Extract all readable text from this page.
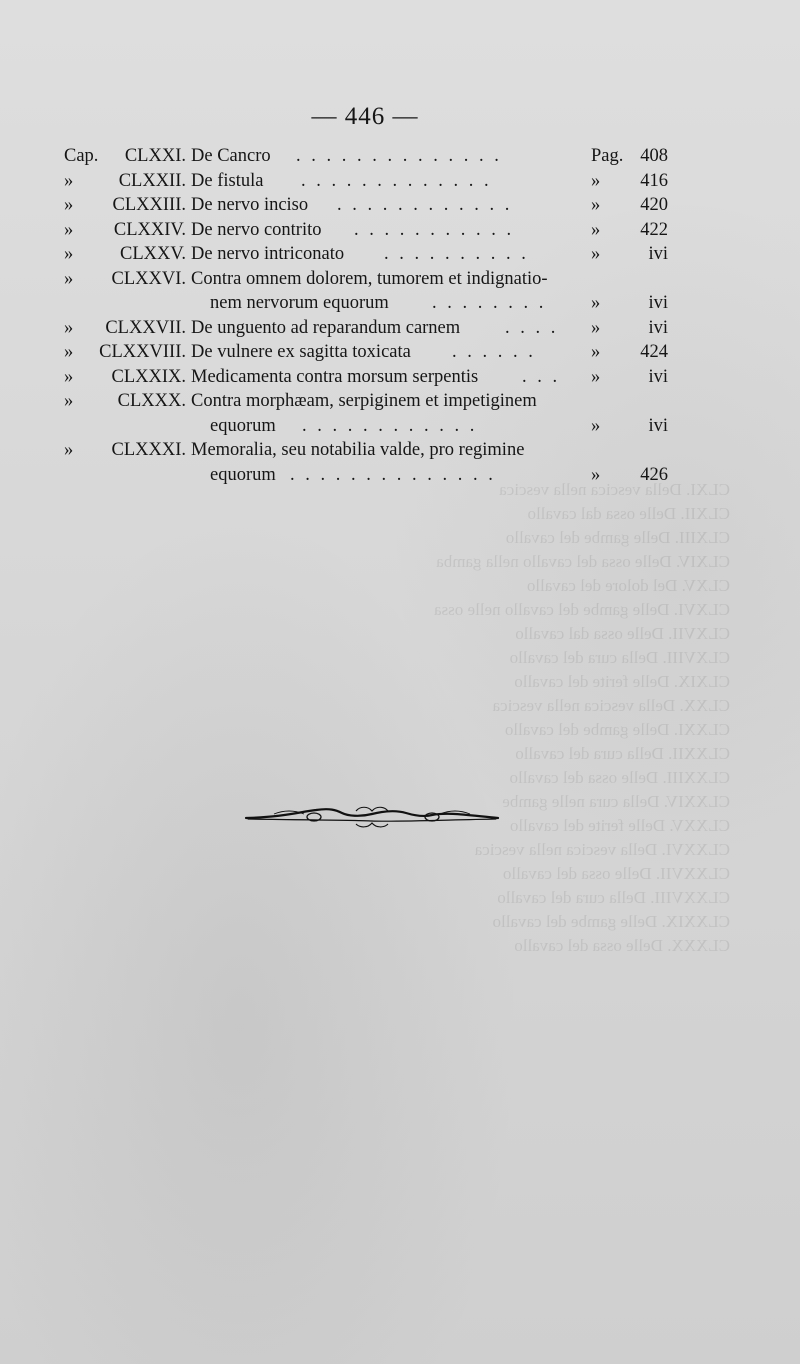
CLXI. Della vescica nella vescica
CLXII. Delle ossa dal cavallo
CLXIII. Delle gambe del cavallo
CLXIV. Delle ossa del cavallo nella gamba
CLXV. Del dolore del cavallo
CLXVI. Delle gambe del cavallo nelle ossa
CLXVII. Delle ossa dal cavallo
CLXVIII. Della cura del cavallo
CLXIX. Delle ferite del cavallo
CLXX. Della vescica nella vescica
CLXXI. Delle gambe del cavallo
CLXXII. Della cura del cavallo
CLXXIII. Delle ossa del cavallo
CLXXIV. Della cura nelle gambe
CLXXV. Delle ferite del cavallo
CLXXVI. Della vescica nella vescica
CLXXVII. Delle ossa del cavallo
CLXXVIII. Della cura del cavallo
CLXXIX. Delle gambe del cavallo
CLXXX. Delle ossa del cavallo
— 446 —
Cap.	CLXXI. De Cancro . . . . . . . . . . . . . .	Pag. 408
»	CLXXII. De fistula . . . . . . . . . . . . .	»	416
»	CLXXIII. De nervo inciso . . . . . . . . . . . .	»	420
»	CLXXIV. De nervo contrito . . . . . . . . . . .	»	422
»	CLXXV. De nervo intriconato . . . . . . . . . .	»	ivi
»	CLXXVI. Contra omnem dolorem, tumorem et indignatio-
nem nervorum equorum . . . . . . . . »	ivi
»	CLXXVII. De unguento ad reparandum carnem . . . . »	ivi
»	CLXXVIII. De vulnere ex sagitta toxicata . . . . . .	»	424
»	CLXXIX. Medicamenta contra morsum serpentis . . . »	ivi
»	CLXXX. Contra morphæam, serpiginem et impetiginem
equorum . . . . . . . . . . . .	»	ivi
»	CLXXXI. Memoralia, seu notabilia valde, pro regimine
equorum . . . . . . . . . . . . . .	»	426
